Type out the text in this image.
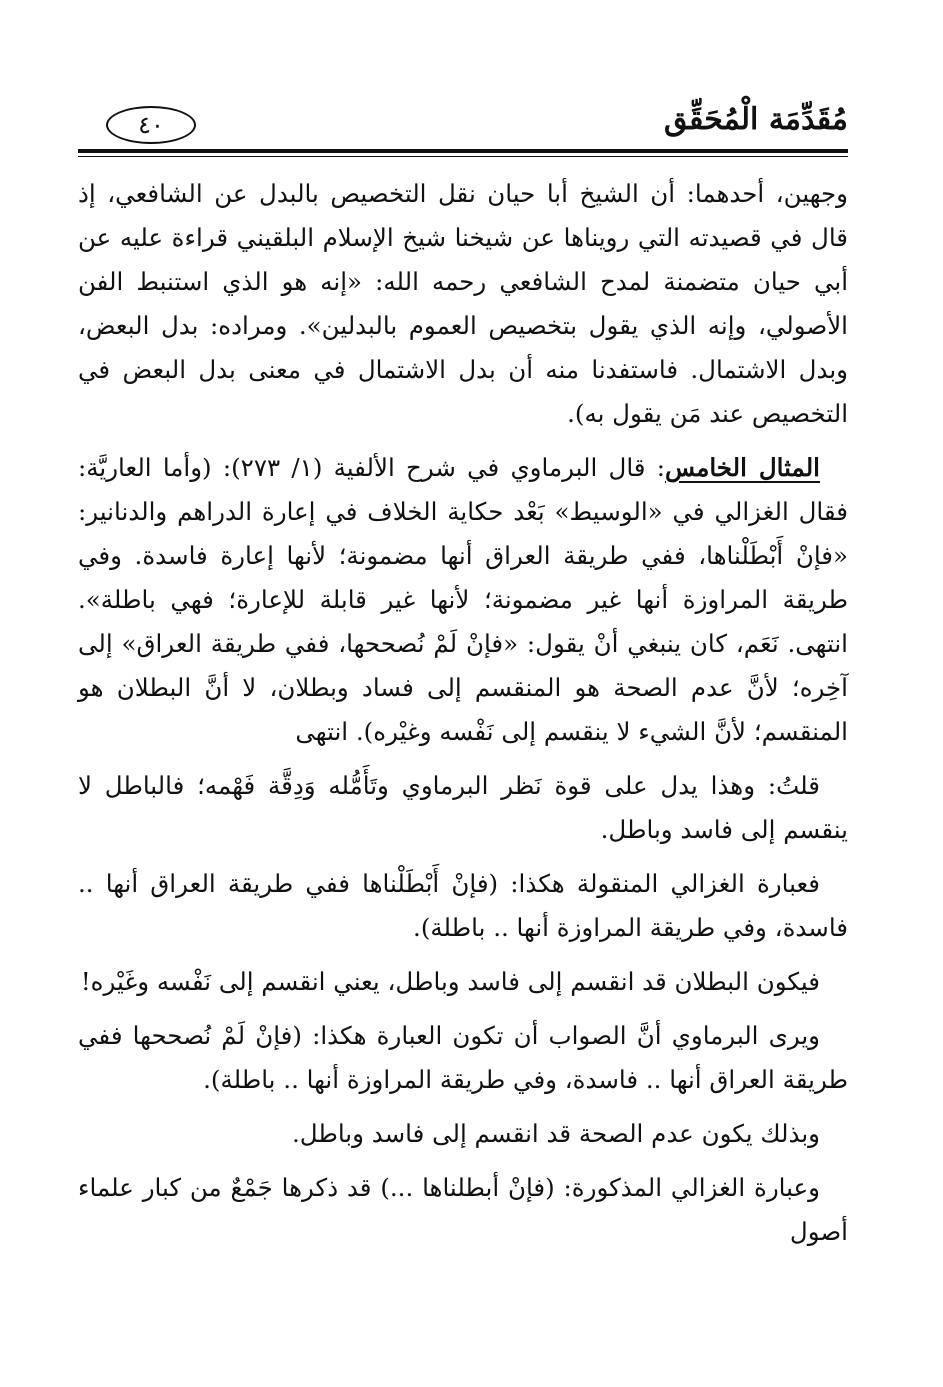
مُقَدِّمَة الْمُحَقِّق
٤٠

وجهين، أحدهما: أن الشيخ أبا حيان نقل التخصيص بالبدل عن الشافعي، إذ قال في قصيدته التي رويناها عن شيخنا شيخ الإسلام البلقيني قراءة عليه عن أبي حيان متضمنة لمدح الشافعي رحمه الله: «إنه هو الذي استنبط الفن الأصولي، وإنه الذي يقول بتخصيص العموم بالبدلين». ومراده: بدل البعض، وبدل الاشتمال. فاستفدنا منه أن بدل الاشتمال في معنى بدل البعض في التخصيص عند مَن يقول به).

المثال الخامس: قال البرماوي في شرح الألفية (١/ ٢٧٣): (وأما العاريَّة: فقال الغزالي في «الوسيط» بَعْد حكاية الخلاف في إعارة الدراهم والدنانير: «فإنْ أَبْطَلْناها، ففي طريقة العراق أنها مضمونة؛ لأنها إعارة فاسدة. وفي طريقة المراوزة أنها غير مضمونة؛ لأنها غير قابلة للإعارة؛ فهي باطلة». انتهى. نَعَم، كان ينبغي أنْ يقول: «فإنْ لَمْ نُصححها، ففي طريقة العراق» إلى آخِره؛ لأنَّ عدم الصحة هو المنقسم إلى فساد وبطلان، لا أنَّ البطلان هو المنقسم؛ لأنَّ الشيء لا ينقسم إلى نَفْسه وغيْره). انتهى

قلتُ: وهذا يدل على قوة نَظر البرماوي وتَأَمُّله وَدِقَّة فَهْمه؛ فالباطل لا ينقسم إلى فاسد وباطل.

فعبارة الغزالي المنقولة هكذا: (فإنْ أَبْطَلْناها ففي طريقة العراق أنها .. فاسدة، وفي طريقة المراوزة أنها .. باطلة).

فيكون البطلان قد انقسم إلى فاسد وباطل، يعني انقسم إلى نَفْسه وغَيْره!

ويرى البرماوي أنَّ الصواب أن تكون العبارة هكذا: (فإنْ لَمْ نُصححها ففي طريقة العراق أنها .. فاسدة، وفي طريقة المراوزة أنها .. باطلة).

وبذلك يكون عدم الصحة قد انقسم إلى فاسد وباطل.

وعبارة الغزالي المذكورة: (فإنْ أبطلناها ...) قد ذكرها جَمْعٌ من كبار علماء أصول
